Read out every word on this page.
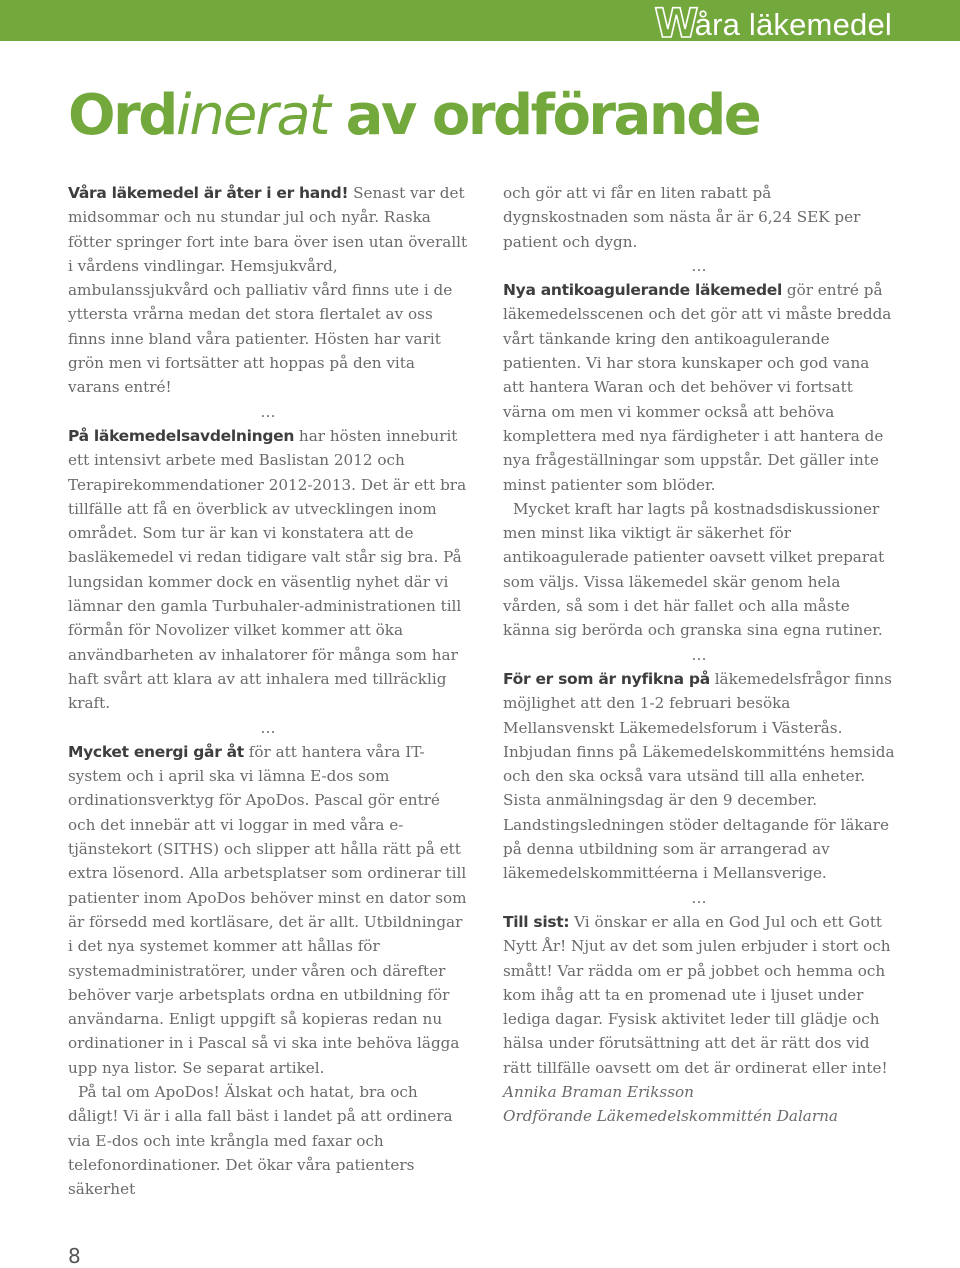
Wåra läkemedel
Ordinerat av ordförande

Våra läkemedel är åter i er hand! Senast var det midsommar och nu stundar jul och nyår. Raska fötter springer fort inte bara över isen utan överallt i vårdens vindlingar. Hemsjukvård, ambulanssjukvård och palliativ vård finns ute i de yttersta vrårna medan det stora flertalet av oss finns inne bland våra patienter. Hösten har varit grön men vi fortsätter att hoppas på den vita varans entré!

…

På läkemedelsavdelningen har hösten inneburit ett intensivt arbete med Baslistan 2012 och Terapirekommendationer 2012-2013. Det är ett bra tillfälle att få en överblick av utvecklingen inom området. Som tur är kan vi konstatera att de basläkemedel vi redan tidigare valt står sig bra. På lungsidan kommer dock en väsentlig nyhet där vi lämnar den gamla Turbuhaler-administrationen till förmån för Novolizer vilket kommer att öka användbarheten av inhalatorer för många som har haft svårt att klara av att inhalera med tillräcklig kraft.

…

Mycket energi går åt för att hantera våra IT-system och i april ska vi lämna E-dos som ordinationsverktyg för ApoDos. Pascal gör entré och det innebär att vi loggar in med våra e-tjänstekort (SITHS) och slipper att hålla rätt på ett extra lösenord. Alla arbetsplatser som ordinerar till patienter inom ApoDos behöver minst en dator som är försedd med kortläsare, det är allt. Utbildningar i det nya systemet kommer att hållas för systemadministratörer, under våren och därefter behöver varje arbetsplats ordna en utbildning för användarna. Enligt uppgift så kopieras redan nu ordinationer in i Pascal så vi ska inte behöva lägga upp nya listor. Se separat artikel.

På tal om ApoDos! Älskat och hatat, bra och dåligt! Vi är i alla fall bäst i landet på att ordinera via E-dos och inte krångla med faxar och telefonordinationer. Det ökar våra patienters säkerhet

och gör att vi får en liten rabatt på dygnskostnaden som nästa år är 6,24 SEK per patient och dygn.

…

Nya antikoagulerande läkemedel gör entré på läkemedelsscenen och det gör att vi måste bredda vårt tänkande kring den antikoagulerande patienten. Vi har stora kunskaper och god vana att hantera Waran och det behöver vi fortsatt värna om men vi kommer också att behöva komplettera med nya färdigheter i att hantera de nya frågeställningar som uppstår. Det gäller inte minst patienter som blöder.

Mycket kraft har lagts på kostnadsdiskussioner men minst lika viktigt är säkerhet för antikoagulerade patienter oavsett vilket preparat som väljs. Vissa läkemedel skär genom hela vården, så som i det här fallet och alla måste känna sig berörda och granska sina egna rutiner.

…

För er som är nyfikna på läkemedelsfrågor finns möjlighet att den 1-2 februari besöka Mellansvenskt Läkemedelsforum i Västerås. Inbjudan finns på Läkemedelskommitténs hemsida och den ska också vara utsänd till alla enheter. Sista anmälningsdag är den 9 december. Landstingsledningen stöder deltagande för läkare på denna utbildning som är arrangerad av läkemedelskommittéerna i Mellansverige.

…

Till sist: Vi önskar er alla en God Jul och ett Gott Nytt År! Njut av det som julen erbjuder i stort och smått! Var rädda om er på jobbet och hemma och kom ihåg att ta en promenad ute i ljuset under lediga dagar. Fysisk aktivitet leder till glädje och hälsa under förutsättning att det är rätt dos vid rätt tillfälle oavsett om det är ordinerat eller inte!

Annika Braman Eriksson

Ordförande Läkemedelskommittén Dalarna

8
